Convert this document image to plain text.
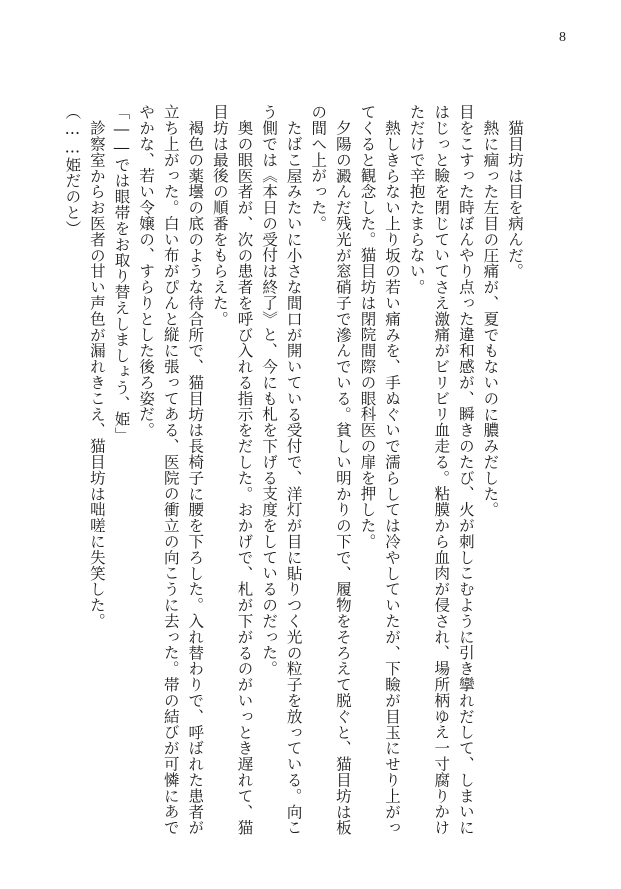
8

猫目坊は目を病んだ。

熱に痼った左目の圧痛が、夏でもないのに膿みだした。

目をこすった時ぼんやり点った違和感が、瞬きのたび、火が刺しこむように引き攣れだして、しまいにはじっと瞼を閉じていてさえ激痛がビリビリ血走る。粘膜から血肉が侵され、場所柄ゆえ一寸腐りかけただけで辛抱たまらない。

熱しきらない上り坂の若い痛みを、手ぬぐいで濡らしては冷やしていたが、下瞼が目玉にせり上がってくると観念した。猫目坊は閉院間際の眼科医の扉を押した。

夕陽の澱んだ残光が窓硝子で滲んでいる。貧しい明かりの下で、履物をそろえて脱ぐと、猫目坊は板の間へ上がった。

たばこ屋みたいに小さな間口が開いている受付で、洋灯が目に貼りつく光の粒子を放っている。向こう側では《本日の受付は終了》と、今にも札を下げる支度をしているのだった。

奥の眼医者が、次の患者を呼び入れる指示をだした。おかげで、札が下がるのがいっとき遅れて、猫目坊は最後の順番をもらえた。

褐色の薬壜の底のような待合所で、猫目坊は長椅子に腰を下ろした。入れ替わりで、呼ばれた患者が立ち上がった。白い布がぴんと縦に張ってある、医院の衝立の向こうに去った。帯の結びが可憐にあでやかな、若い令嬢の、すらりとした後ろ姿だ。

「――では眼帯をお取り替えしましょう、姫」

診察室からお医者の甘い声色が漏れきこえ、猫目坊は咄嗟に失笑した。

（……姫だのと）
